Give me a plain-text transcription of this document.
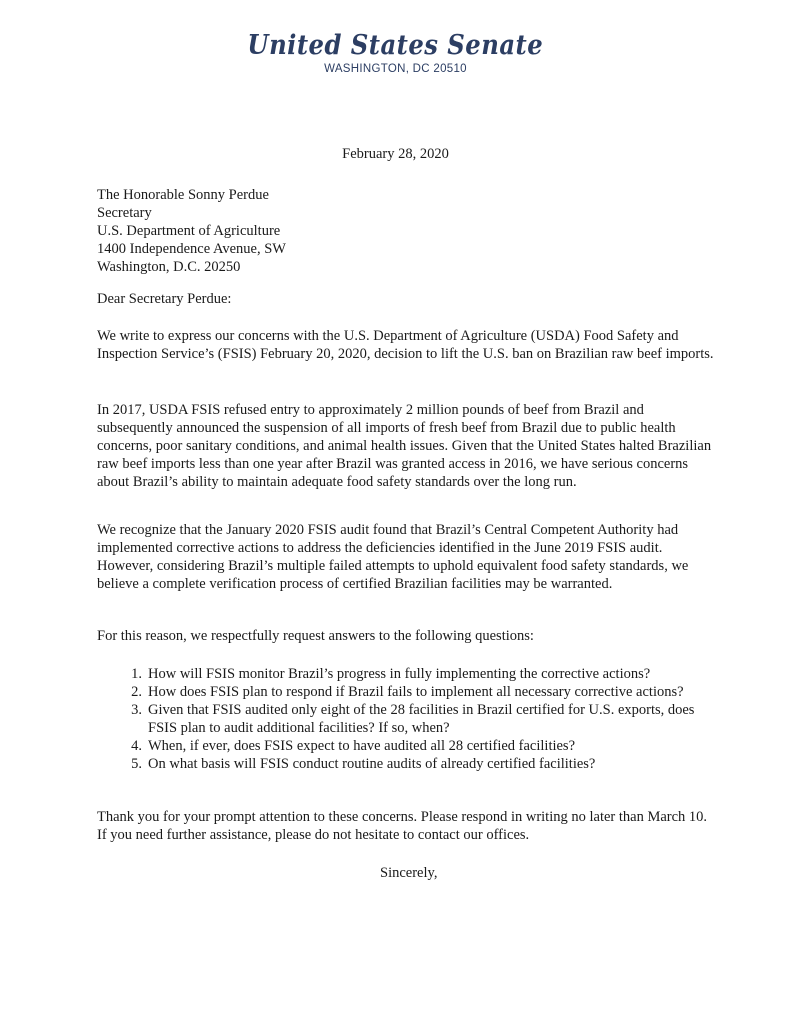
United States Senate
WASHINGTON, DC 20510
February 28, 2020
The Honorable Sonny Perdue
Secretary
U.S. Department of Agriculture
1400 Independence Avenue, SW
Washington, D.C. 20250
Dear Secretary Perdue:

We write to express our concerns with the U.S. Department of Agriculture (USDA) Food Safety and Inspection Service’s (FSIS) February 20, 2020, decision to lift the U.S. ban on Brazilian raw beef imports.

In 2017, USDA FSIS refused entry to approximately 2 million pounds of beef from Brazil and subsequently announced the suspension of all imports of fresh beef from Brazil due to public health concerns, poor sanitary conditions, and animal health issues. Given that the United States halted Brazilian raw beef imports less than one year after Brazil was granted access in 2016, we have serious concerns about Brazil’s ability to maintain adequate food safety standards over the long run.

We recognize that the January 2020 FSIS audit found that Brazil’s Central Competent Authority had implemented corrective actions to address the deficiencies identified in the June 2019 FSIS audit. However, considering Brazil’s multiple failed attempts to uphold equivalent food safety standards, we believe a complete verification process of certified Brazilian facilities may be warranted.

For this reason, we respectfully request answers to the following questions:

1. How will FSIS monitor Brazil’s progress in fully implementing the corrective actions?
2. How does FSIS plan to respond if Brazil fails to implement all necessary corrective actions?
3. Given that FSIS audited only eight of the 28 facilities in Brazil certified for U.S. exports, does FSIS plan to audit additional facilities? If so, when?
4. When, if ever, does FSIS expect to have audited all 28 certified facilities?
5. On what basis will FSIS conduct routine audits of already certified facilities?

Thank you for your prompt attention to these concerns. Please respond in writing no later than March 10. If you need further assistance, please do not hesitate to contact our offices.

Sincerely,
